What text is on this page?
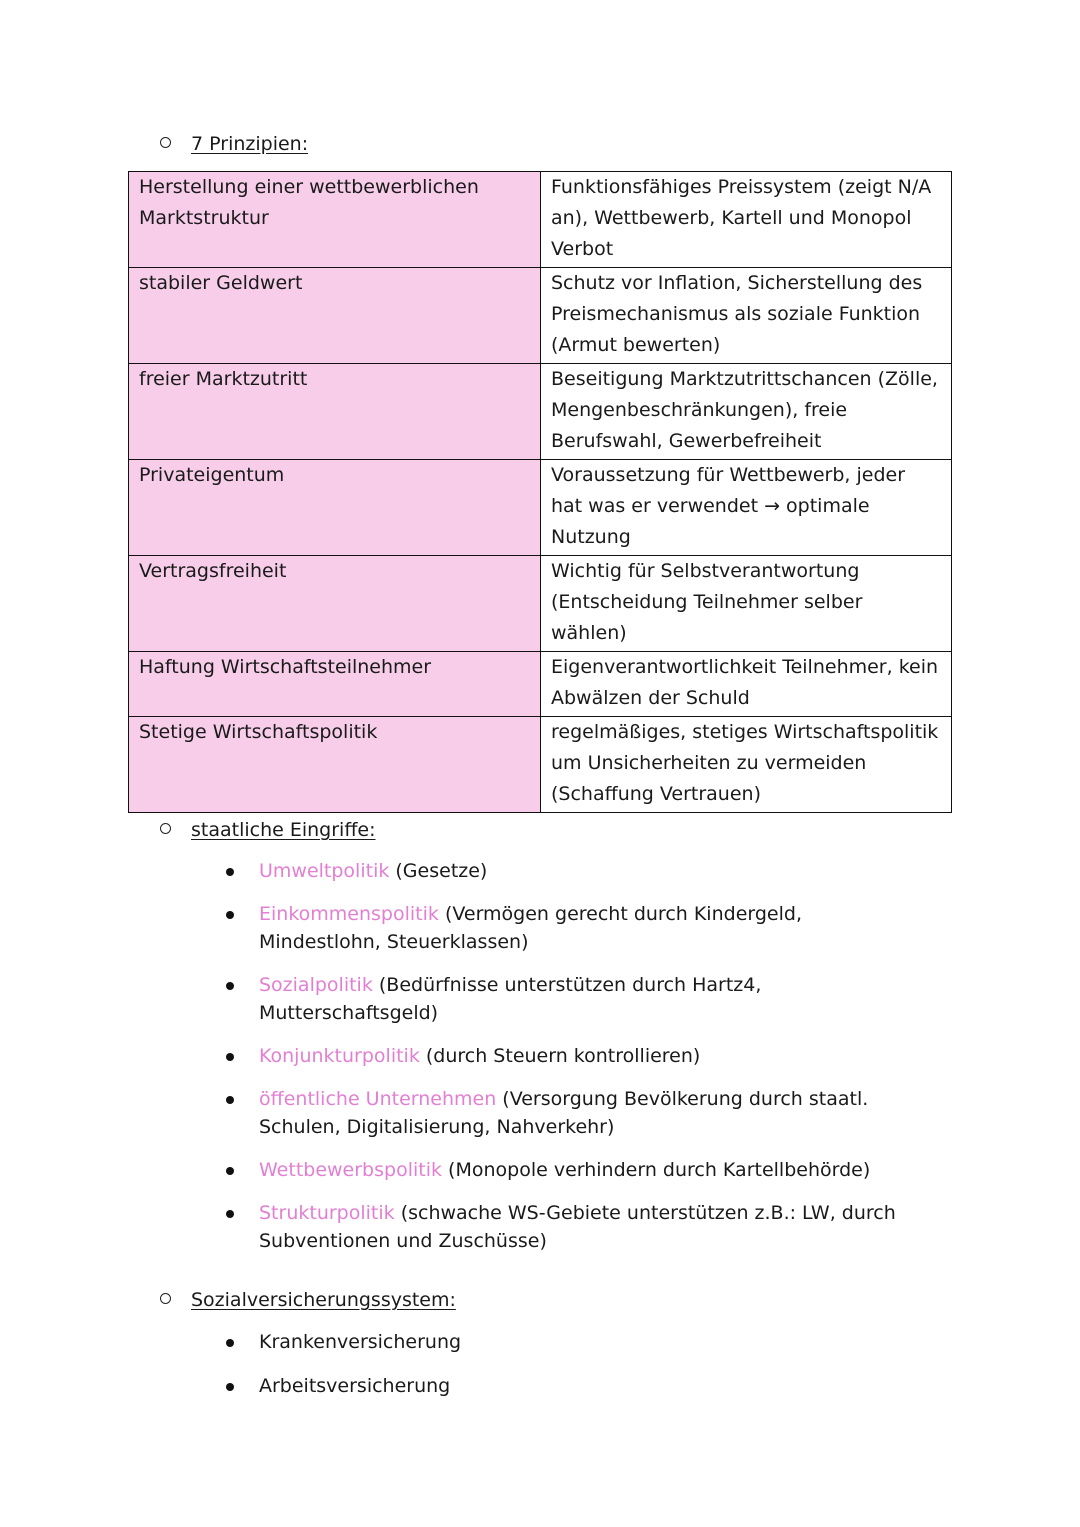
7 Prinzipien:
Herstellung einer wettbewerblichen Marktstruktur	Funktionsfähiges Preissystem (zeigt N/A an), Wettbewerb, Kartell und Monopol Verbot
stabiler Geldwert	Schutz vor Inflation, Sicherstellung des Preismechanismus als soziale Funktion (Armut bewerten)
freier Marktzutritt	Beseitigung Marktzutrittschancen (Zölle, Mengenbeschränkungen), freie Berufswahl, Gewerbefreiheit
Privateigentum	Voraussetzung für Wettbewerb, jeder hat was er verwendet → optimale Nutzung
Vertragsfreiheit	Wichtig für Selbstverantwortung (Entscheidung Teilnehmer selber wählen)
Haftung Wirtschaftsteilnehmer	Eigenverantwortlichkeit Teilnehmer, kein Abwälzen der Schuld
Stetige Wirtschaftspolitik	regelmäßiges, stetiges Wirtschaftspolitik um Unsicherheiten zu vermeiden (Schaffung Vertrauen)
staatliche Eingriffe:
Umweltpolitik (Gesetze)
Einkommenspolitik (Vermögen gerecht durch Kindergeld, Mindestlohn, Steuerklassen)
Sozialpolitik (Bedürfnisse unterstützen durch Hartz4, Mutterschaftsgeld)
Konjunkturpolitik (durch Steuern kontrollieren)
öffentliche Unternehmen (Versorgung Bevölkerung durch staatl. Schulen, Digitalisierung, Nahverkehr)
Wettbewerbspolitik (Monopole verhindern durch Kartellbehörde)
Strukturpolitik (schwache WS-Gebiete unterstützen z.B.: LW, durch Subventionen und Zuschüsse)
Sozialversicherungssystem:
Krankenversicherung
Arbeitsversicherung
